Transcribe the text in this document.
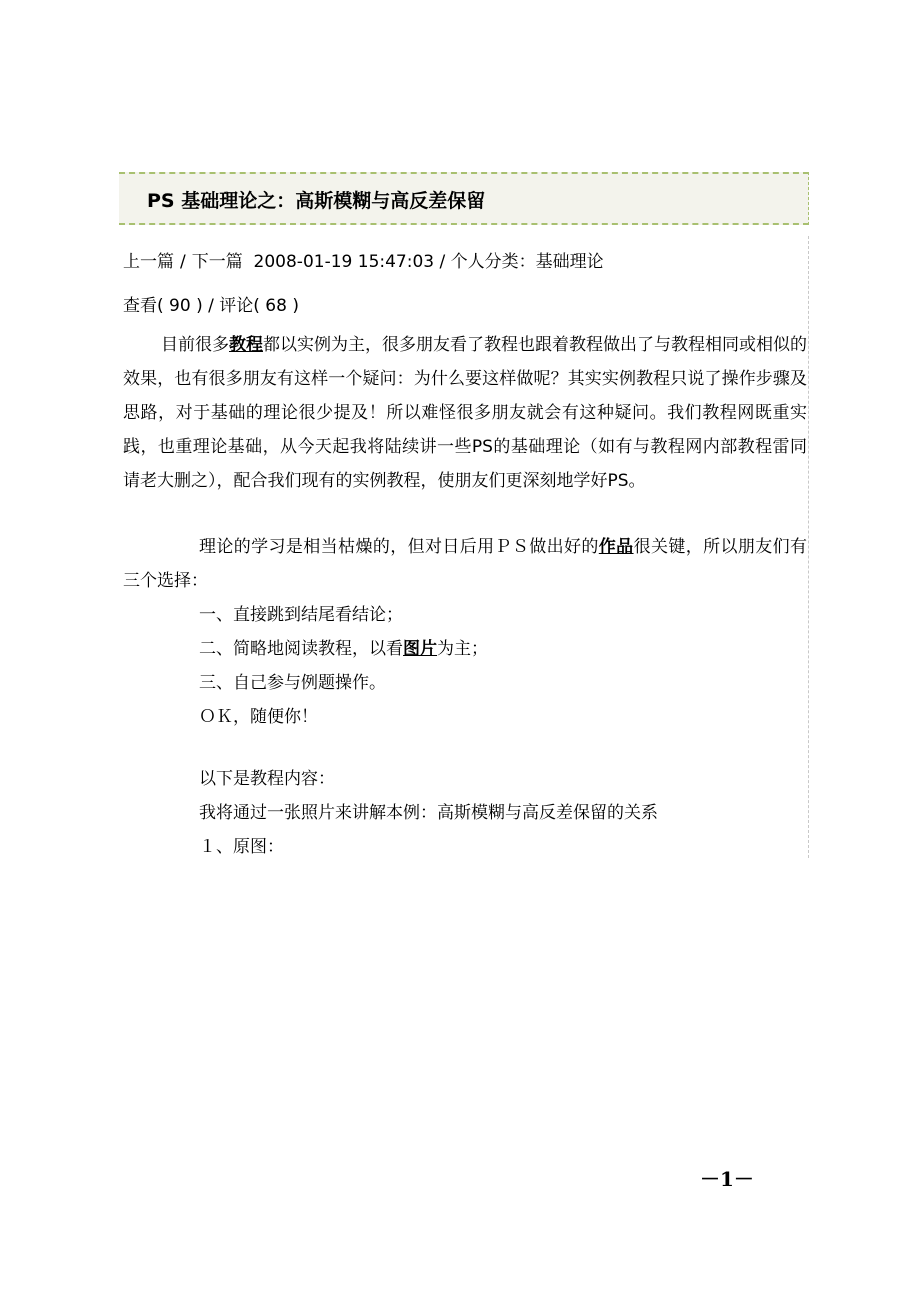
PS 基础理论之：高斯模糊与高反差保留
上一篇 / 下一篇 2008-01-19 15:47:03 / 个人分类：基础理论
查看( 90 ) / 评论( 68 )
目前很多教程都以实例为主，很多朋友看了教程也跟着教程做出了与教程相同或相似的效果，也有很多朋友有这样一个疑问：为什么要这样做呢？其实实例教程只说了操作步骤及思路，对于基础的理论很少提及！所以难怪很多朋友就会有这种疑问。我们教程网既重实践，也重理论基础，从今天起我将陆续讲一些PS的基础理论（如有与教程网内部教程雷同请老大删之），配合我们现有的实例教程，使朋友们更深刻地学好PS。
理论的学习是相当枯燥的，但对日后用ＰＳ做出好的作品很关键，所以朋友们有三个选择：
一、直接跳到结尾看结论；
二、简略地阅读教程，以看图片为主；
三、自己参与例题操作。
ＯＫ，随便你！
以下是教程内容：
我将通过一张照片来讲解本例：高斯模糊与高反差保留的关系
１、原图：
－1－
